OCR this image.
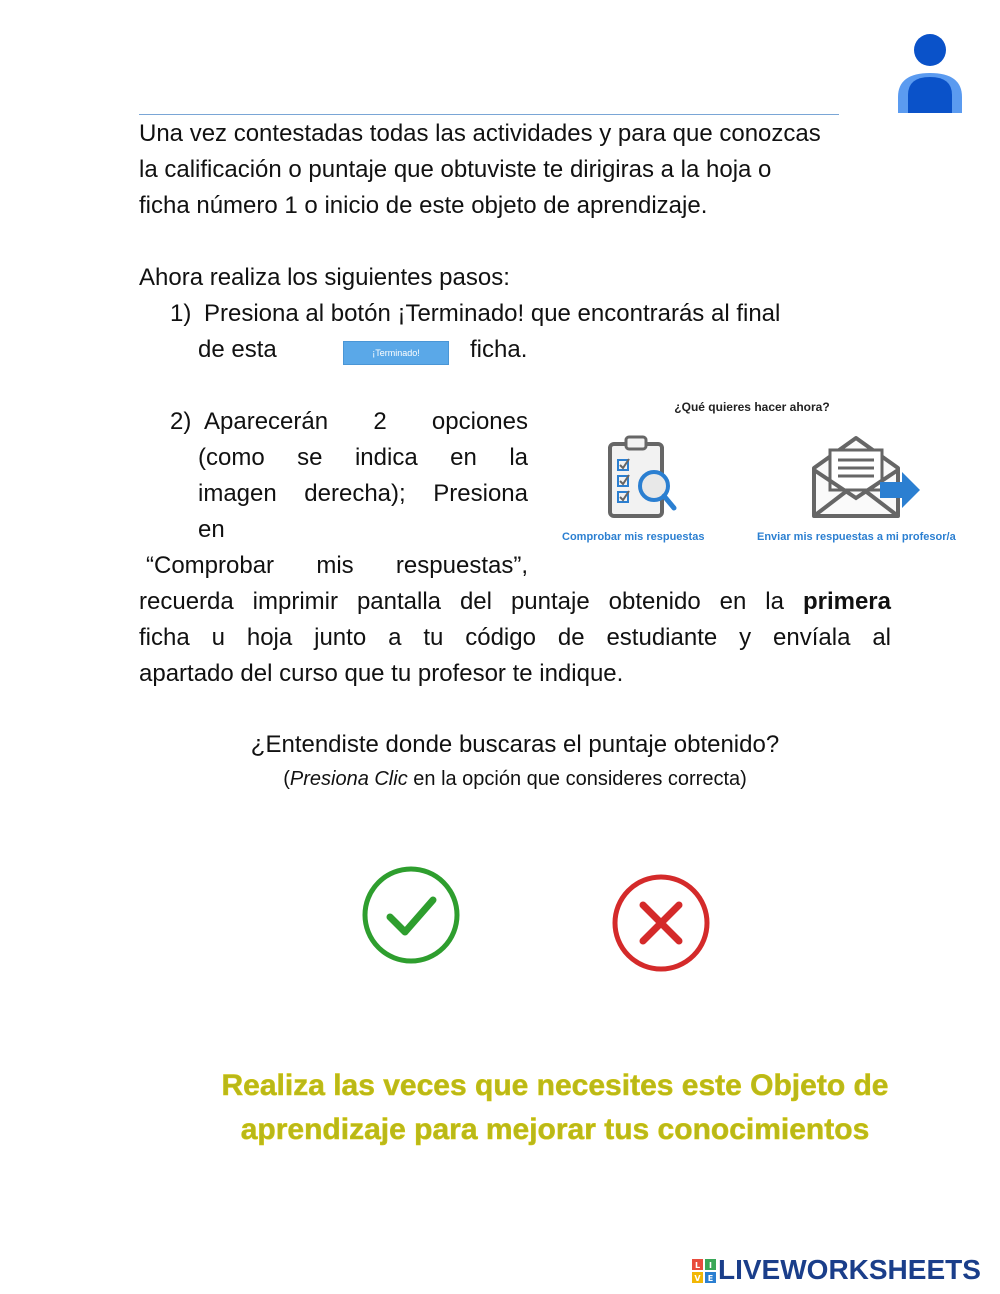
Una vez contestadas todas las actividades y para que conozcas
la calificación o puntaje que obtuviste te dirigiras a la hoja o
ficha número 1 o inicio de este objeto de aprendizaje.
Ahora realiza los siguientes pasos:
1) Presiona al botón ¡Terminado! que encontrarás al final
de esta	¡Terminado!	ficha.
2) Aparecerán 2 opciones
(como se indica en la
imagen derecha); Presiona
en
“Comprobar mis respuestas”,
recuerda imprimir pantalla del puntaje obtenido en la primera
ficha u hoja junto a tu código de estudiante y envíala al
apartado del curso que tu profesor te indique.
¿Qué quieres hacer ahora?
Comprobar mis respuestas	Enviar mis respuestas a mi profesor/a
¿Entendiste donde buscaras el puntaje obtenido?
(Presiona Clic en la opción que consideres correcta)
Realiza las veces que necesites este Objeto de
aprendizaje para mejorar tus conocimientos
L I
V E LIVEWORKSHEETS
